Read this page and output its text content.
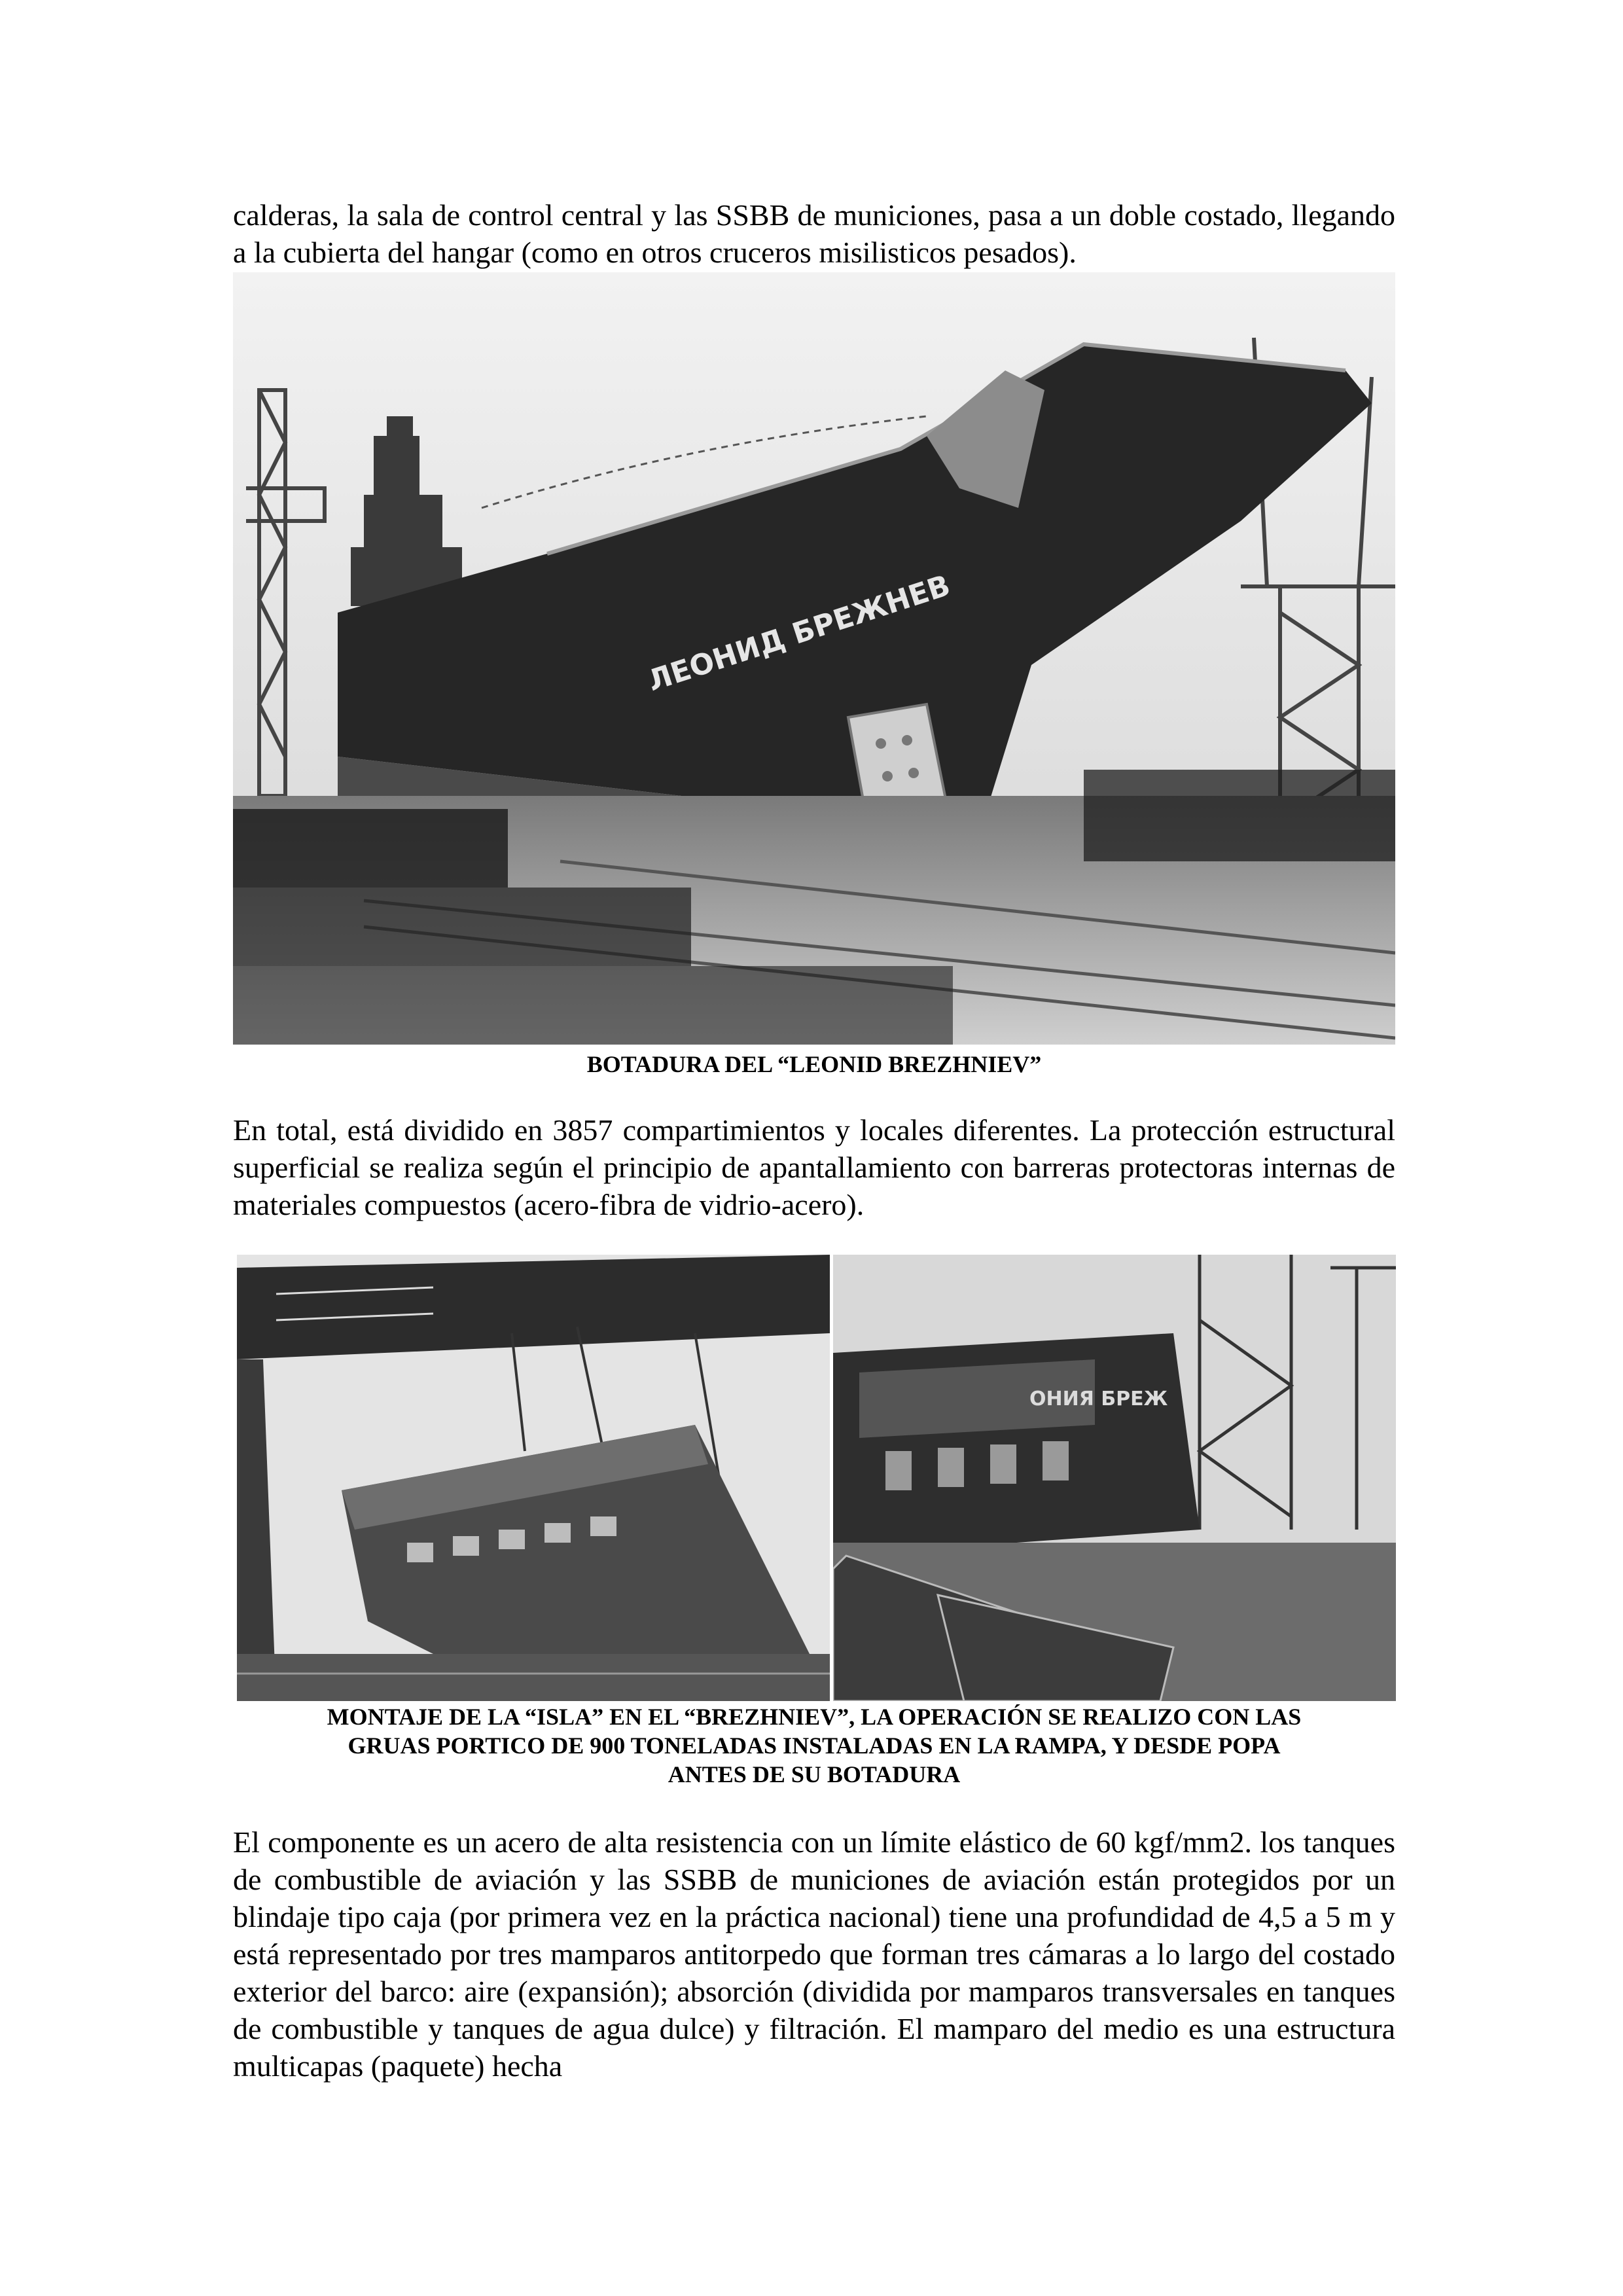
calderas, la sala de control central y las SSBB de municiones, pasa a un doble costado, llegando a la cubierta del hangar (como en otros cruceros misilisticos pesados).

ЛЕОНИД БРЕЖНЕВ

BOTADURA DEL “LEONID BREZHNIEV”

En total, está dividido en 3857 compartimientos y locales diferentes. La protección estructural superficial se realiza según el principio de apantallamiento con barreras protectoras internas de materiales compuestos (acero-fibra de vidrio-acero).

ОНИЯ БРЕЖ

MONTAJE DE LA “ISLA” EN EL “BREZHNIEV”, LA OPERACIÓN SE REALIZO CON LAS

GRUAS PORTICO DE 900 TONELADAS INSTALADAS EN LA RAMPA, Y DESDE POPA

ANTES DE SU BOTADURA

El componente es un acero de alta resistencia con un límite elástico de 60 kgf/mm2. los tanques de combustible de aviación y las SSBB de municiones de aviación están protegidos por un blindaje tipo caja (por primera vez en la práctica nacional) tiene una profundidad de 4,5 a 5 m y está representado por tres mamparos antitorpedo que forman tres cámaras a lo largo del costado exterior del barco: aire (expansión); absorción (dividida por mamparos transversales en tanques de combustible y tanques de agua dulce) y filtración. El mamparo del medio es una estructura multicapas (paquete) hecha
